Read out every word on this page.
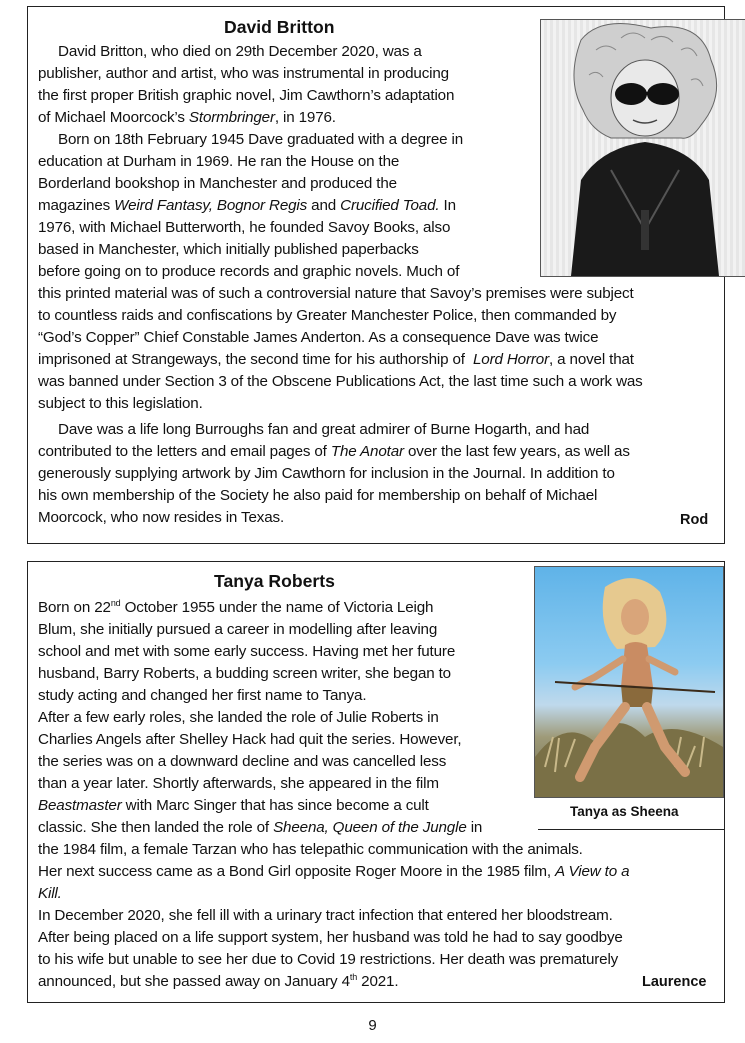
David Britton

David Britton, who died on 29th December 2020, was a

publisher, author and artist, who was instrumental in producing

the first proper British graphic novel, Jim Cawthorn’s adaptation

of Michael Moorcock’s Stormbringer, in 1976.

Born on 18th February 1945 Dave graduated with a degree in

education at Durham in 1969. He ran the House on the

Borderland bookshop in Manchester and produced the

magazines Weird Fantasy, Bognor Regis and Crucified Toad. In

1976, with Michael Butterworth, he founded Savoy Books, also

based in Manchester, which initially published paperbacks

before going on to produce records and graphic novels. Much of

this printed material was of such a controversial nature that Savoy’s premises were subject

to countless raids and confiscations by Greater Manchester Police, then commanded by

“God’s Copper” Chief Constable James Anderton. As a consequence Dave was twice

imprisoned at Strangeways, the second time for his authorship of  Lord Horror, a novel that

was banned under Section 3 of the Obscene Publications Act, the last time such a work was

subject to this legislation.

Dave was a life long Burroughs fan and great admirer of Burne Hogarth, and had

contributed to the letters and email pages of The Anotar over the last few years, as well as

generously supplying artwork by Jim Cawthorn for inclusion in the Journal. In addition to

his own membership of the Society he also paid for membership on behalf of Michael

Moorcock, who now resides in Texas.	Rod
Tanya Roberts
Tanya as Sheena

Born on 22nd October 1955 under the name of Victoria Leigh

Blum, she initially pursued a career in modelling after leaving

school and met with some early success. Having met her future

husband, Barry Roberts, a budding screen writer, she began to

study acting and changed her first name to Tanya.

After a few early roles, she landed the role of Julie Roberts in

Charlies Angels after Shelley Hack had quit the series. However,

the series was on a downward decline and was cancelled less

than a year later. Shortly afterwards, she appeared in the film

Beastmaster with Marc Singer that has since become a cult

classic. She then landed the role of Sheena, Queen of the Jungle in

the 1984 film, a female Tarzan who has telepathic communication with the animals.

Her next success came as a Bond Girl opposite Roger Moore in the 1985 film, A View to a

Kill.

In December 2020, she fell ill with a urinary tract infection that entered her bloodstream.

After being placed on a life support system, her husband was told he had to say goodbye

to his wife but unable to see her due to Covid 19 restrictions. Her death was prematurely

announced, but she passed away on January 4th 2021.	Laurence
9
